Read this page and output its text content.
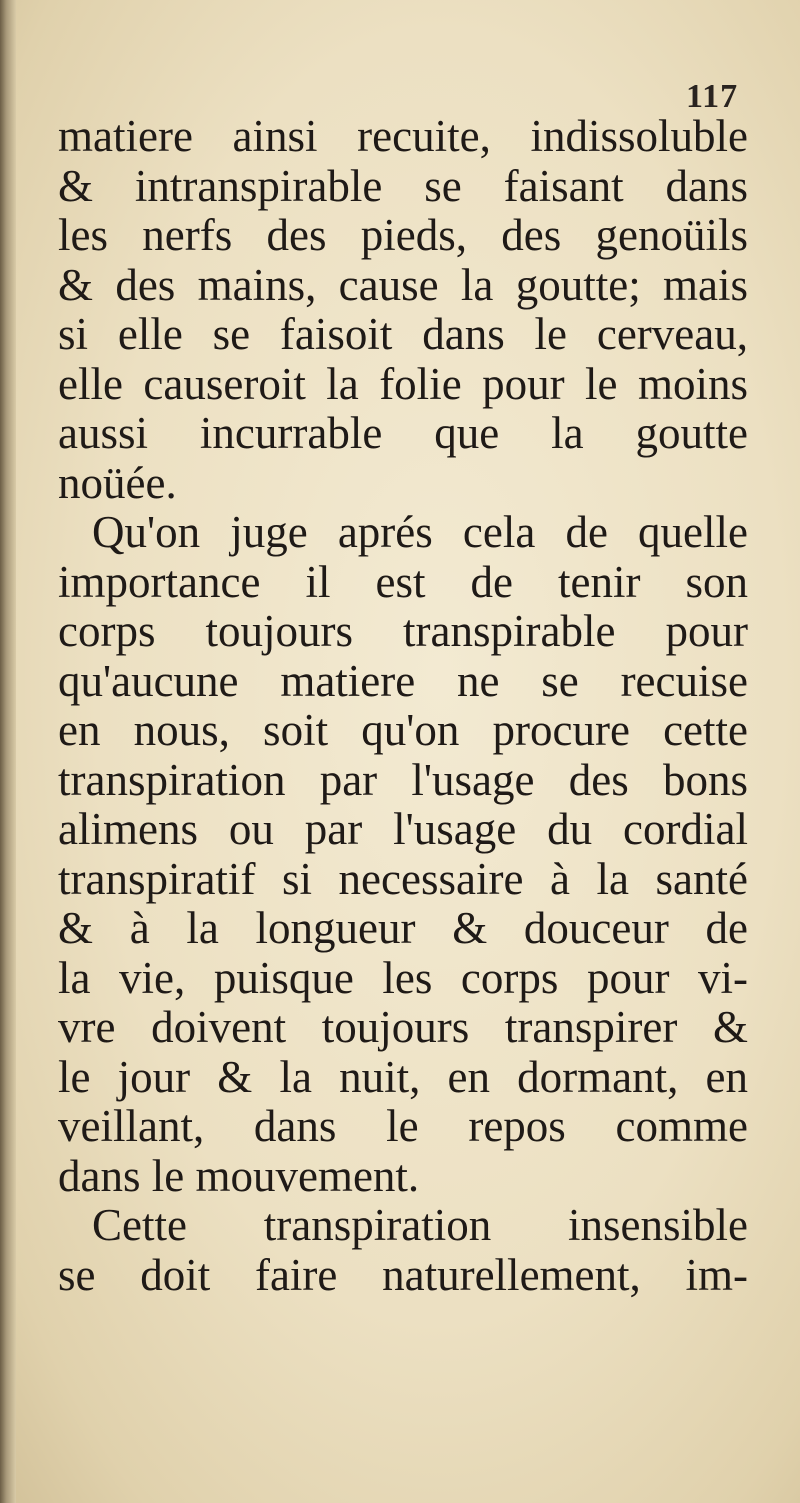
117
matiere ainsi recuite, indissoluble
& intranspirable se faisant dans
les nerfs des pieds, des genoüils
& des mains, cause la goutte; mais
si elle se faisoit dans le cerveau,
elle causeroit la folie pour le moins
aussi incurrable que la goutte
noüée.
Qu'on juge aprés cela de quelle
importance il est de tenir son
corps toujours transpirable pour
qu'aucune matiere ne se recuise
en nous, soit qu'on procure cette
transpiration par l'usage des bons
alimens ou par l'usage du cordial
transpiratif si necessaire à la santé
& à la longueur & douceur de
la vie, puisque les corps pour vi-
vre doivent toujours transpirer &
le jour & la nuit, en dormant, en
veillant, dans le repos comme
dans le mouvement.
Cette transpiration insensible
se doit faire naturellement, im-
